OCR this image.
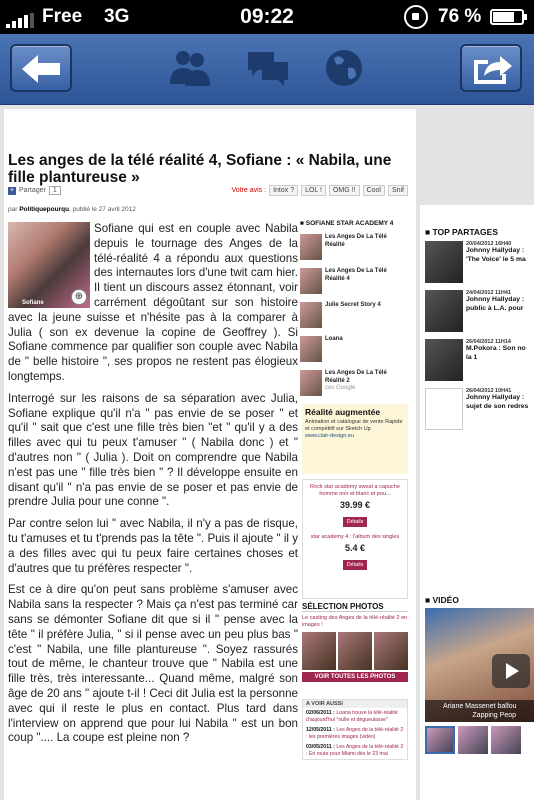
Free 3G	09:22	76 %
Les anges de la télé réalité 4, Sofiane : « Nabila, une fille plantureuse »
+ Partager	1	Votre avis :	Intox ?	LOL !	OMG !!	Cool	Snif
par Politiquepourqu, publié le 27 avril 2012

Sofiane qui est en couple avec Nabila depuis le tournage des Anges de la télé-réalité 4 a répondu aux questions des internautes lors d'une twit cam hier. Il tient un discours assez étonnant, voir carrément dégoûtant sur son histoire avec la jeune suisse et n'hésite pas à la comparer à Julia ( son ex devenue la copine de Geoffrey ). Si Sofiane commence par qualifier son couple avec Nabila de " belle histoire ", ses propos ne restent pas élogieux longtemps.

Interrogé sur les raisons de sa séparation avec Julia, Sofiane explique qu'il n'a " pas envie de se poser " et qu'il " sait que c'est une fille très bien "et " qu'il y a des filles avec qui tu peux t'amuser " ( Nabila donc ) et " d'autres non " ( Julia ). Doit on comprendre que Nabila n'est pas une " fille très bien " ? Il développe ensuite en disant qu'il " n'a pas envie de se poser et pas envie de prendre Julia pour une conne ".

Par contre selon lui " avec Nabila, il n'y a pas de risque, tu t'amuses et tu t'prends pas la tête ". Puis il ajoute " il y a des filles avec qui tu peux faire certaines choses et d'autres que tu préfères respecter ".

Est ce à dire qu'on peut sans problème s'amuser avec Nabila sans la respecter ? Mais ça n'est pas terminé car sans se démonter Sofiane dit que si il " pense avec la tête " il préfère Julia, " si il pense avec un peu plus bas " c'est " Nabila, une fille plantureuse ". Soyez rassurés tout de même, le chanteur trouve que " Nabila est une fille très, très interessante... Quand même, malgré son âge de 20 ans " ajoute t-il ! Ceci dit Julia est la personne avec qui il reste le plus en contact. Plus tard dans l'interview on apprend que pour lui Nabila " est un bon coup ".... La coupe est pleine non ?

Sofiane
⊕
■ SOFIANE STAR ACADEMY 4
Les Anges De La Télé Réalité
Les Anges De La Télé Réalité 4
Julie Secret Story 4
Loana
Les Anges De La Télé Réalité 2
ces Google
Réalité augmentée
Animation et catalogue de vente Rapide et compétitif sur Sketch Up
www.clair-design.eu
Rock star academy sweat a capuche homme noir et blanc et pou...
39.99 €
Détails
star academy 4 : l'album des singles
5.4 €
Détails
SÉLECTION PHOTOS
Le casting des Anges de la télé-réalité 2 en images !
VOIR TOUTES LES PHOTOS
A VOIR AUSSI
02/06/2011 : Loana trouve la télé-réalité d'aujourd'hui "nulle et dégueulasse"
12/05/2011 : Les Anges de la télé-réalité 2 : les premières images (vidéo)
03/05/2011 : Les Anges de la télé-réalité 2 : En route pour Miami dès le 23 mai
■ TOP PARTAGES
20/04/2012 16H40
Johnny Hallyday :
'The Voice' le 5 ma
24/04/2012 11H41
Johnny Hallyday :
public à L.A. pour
26/04/2012 11H14
M.Pokora : Son no
la 1
26/04/2012 10H41
Johnny Hallyday :
sujet de son redres
■ VIDÉO
Ariane Massenet balfou
Zapping Peop
